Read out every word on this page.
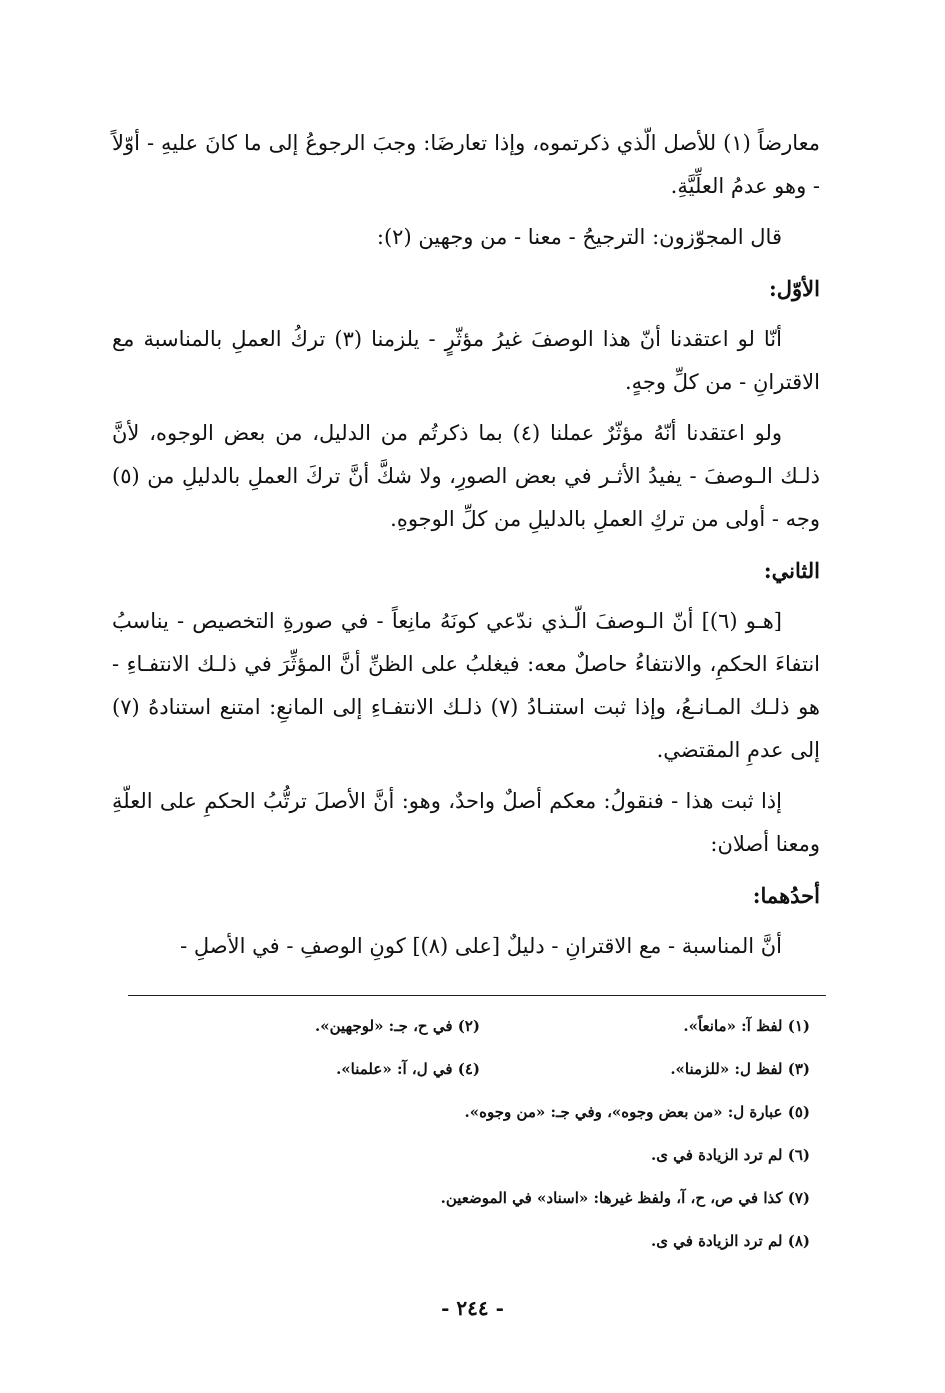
معارضاً (١) للأصل الّذي ذكرتموه، وإذا تعارضَا: وجبَ الرجوعُ إلى ما كانَ عليهِ - أوّلاً - وهو عدمُ العلِّيَّةِ.

قال المجوّزون: الترجيحُ - معنا - من وجهين (٢):

الأوّل:

أنّا لو اعتقدنا أنّ هذا الوصفَ غيرُ مؤثّرٍ - يلزمنا (٣) تركُ العملِ بالمناسبة مع الاقترانِ - من كلِّ وجهٍ.

ولو اعتقدنا أنّهُ مؤثّرٌ عملنا (٤) بما ذكرتُم من الدليل، من بعض الوجوه، لأنَّ ذلـك الـوصفَ - يفيدُ الأثـر في بعض الصورِ، ولا شكَّ أنَّ تركَ العملِ بالدليلِ من (٥) وجه - أولى من تركِ العملِ بالدليلِ من كلِّ الوجوهِ.

الثاني:

[هـو (٦)] أنّ الـوصفَ الّـذي ندّعي كونَهُ مانِعاً - في صورةِ التخصيص - يناسبُ انتفاءَ الحكمِ، والانتفاءُ حاصلٌ معه: فيغلبُ على الظنِّ أنَّ المؤثِّرَ في ذلـك الانتفـاءِ - هو ذلـك المـانـعُ، وإذا ثبت استنـادُ (٧) ذلـك الانتفـاءِ إلى المانعِ: امتنع استنادهُ (٧) إلى عدمِ المقتضي.

إذا ثبت هذا - فنقولُ: معكم أصلٌ واحدٌ، وهو: أنَّ الأصلَ ترتُّبُ الحكمِ على العلّةِ ومعنا أصلان:

أحدُهما:

أنَّ المناسبة - مع الاقترانِ - دليلٌ [على (٨)] كونِ الوصفِ - في الأصلِ -

(١) لفظ آ: «مانعاً».
(٢) في ح، جـ: «لوجهين».
(٣) لفظ ل: «للزمنا».
(٤) في ل، آ: «علمنا».
(٥) عبارة ل: «من بعض وجوه»، وفي جـ: «من وجوه».
(٦) لم ترد الزيادة في ى.
(٧) كذا في ص، ح، آ، ولفظ غيرها: «اسناد» في الموضعين.
(٨) لم ترد الزيادة في ى.
- ٢٤٤ -
